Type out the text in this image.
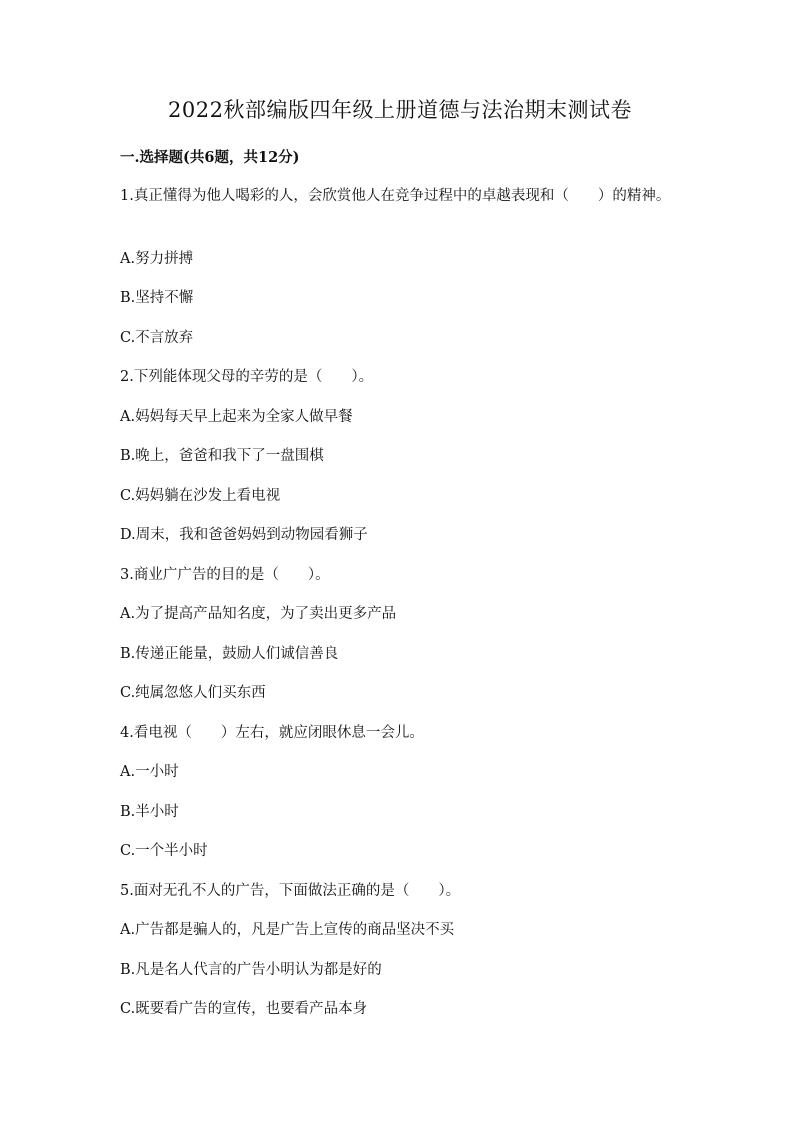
2022秋部编版四年级上册道德与法治期末测试卷

一.选择题(共6题，共12分)

1.真正懂得为他人喝彩的人，会欣赏他人在竞争过程中的卓越表现和（　　）的精神。

A.努力拼搏

B.坚持不懈

C.不言放弃

2.下列能体现父母的辛劳的是（　　）。

A.妈妈每天早上起来为全家人做早餐

B.晚上，爸爸和我下了一盘围棋

C.妈妈躺在沙发上看电视

D.周末，我和爸爸妈妈到动物园看狮子

3.商业广广告的目的是（　　）。

A.为了提高产品知名度，为了卖出更多产品

B.传递正能量，鼓励人们诚信善良

C.纯属忽悠人们买东西

4.看电视（　　）左右，就应闭眼休息一会儿。

A.一小时

B.半小时

C.一个半小时

5.面对无孔不人的广告，下面做法正确的是（　　）。

A.广告都是骗人的，凡是广告上宣传的商品坚决不买

B.凡是名人代言的广告小明认为都是好的

C.既要看广告的宣传，也要看产品本身
